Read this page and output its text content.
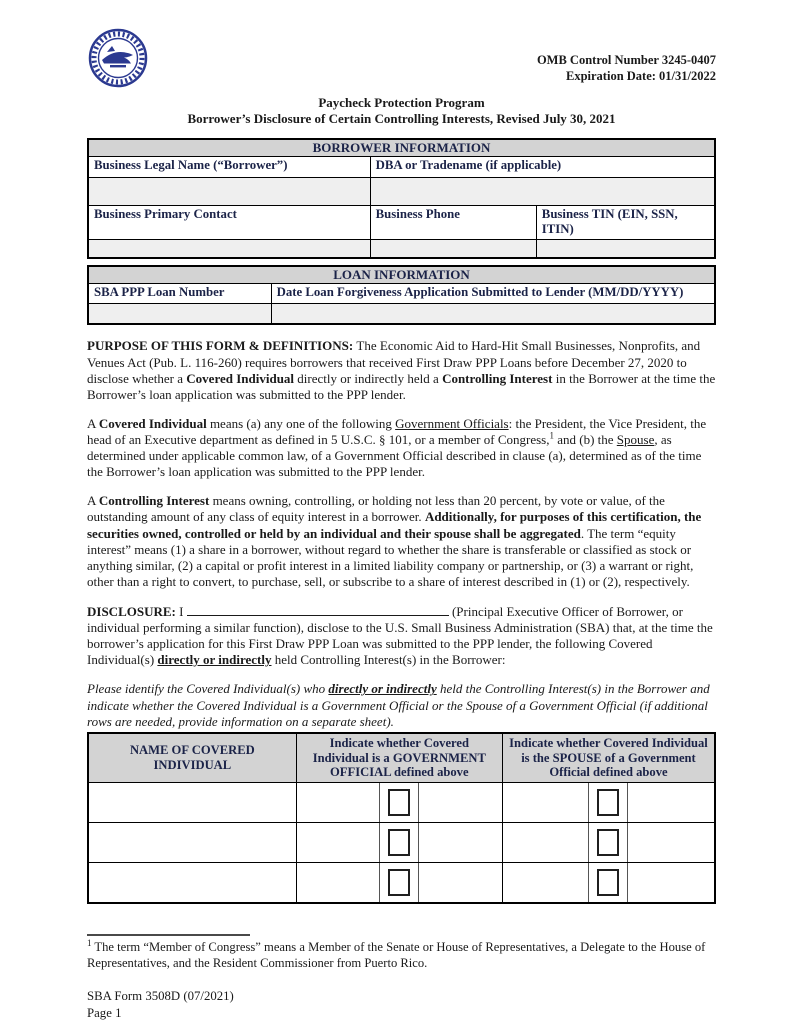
OMB Control Number 3245-0407
Expiration Date: 01/31/2022
Paycheck Protection Program
Borrower’s Disclosure of Certain Controlling Interests, Revised July 30, 2021
BORROWER INFORMATION		
Business Legal Name (“Borrower”)	DBA or Tradename (if applicable)	

Business Primary Contact	Business Phone	Business TIN (EIN, SSN, ITIN)

LOAN INFORMATION	
SBA PPP Loan Number	Date Loan Forgiveness Application Submitted to Lender (MM/DD/YYYY)

PURPOSE OF THIS FORM & DEFINITIONS: The Economic Aid to Hard-Hit Small Businesses, Nonprofits, and Venues Act (Pub. L. 116-260) requires borrowers that received First Draw PPP Loans before December 27, 2020 to disclose whether a Covered Individual directly or indirectly held a Controlling Interest in the Borrower at the time the Borrower’s loan application was submitted to the PPP lender.
A Covered Individual means (a) any one of the following Government Officials: the President, the Vice President, the head of an Executive department as defined in 5 U.S.C. § 101, or a member of Congress,$^1$ and (b) the Spouse, as determined under applicable common law, of a Government Official described in clause (a), determined as of the time the Borrower’s loan application was submitted to the PPP lender.
A Controlling Interest means owning, controlling, or holding not less than 20 percent, by vote or value, of the outstanding amount of any class of equity interest in a borrower. Additionally, for purposes of this certification, the securities owned, controlled or held by an individual and their spouse shall be aggregated. The term “equity interest” means (1) a share in a borrower, without regard to whether the share is transferable or classified as stock or anything similar, (2) a capital or profit interest in a limited liability company or partnership, or (3) a warrant or right, other than a right to convert, to purchase, sell, or subscribe to a share of interest described in (1) or (2), respectively.
DISCLOSURE: I	(Principal Executive Officer of Borrower, or individual performing a similar function), disclose to the U.S. Small Business Administration (SBA) that, at the time the borrower’s application for this First Draw PPP Loan was submitted to the PPP lender, the following Covered Individual(s) directly or indirectly held Controlling Interest(s) in the Borrower:
Please identify the Covered Individual(s) who directly or indirectly held the Controlling Interest(s) in the Borrower and indicate whether the Covered Individual is a Government Official or the Spouse of a Government Official (if additional rows are needed, provide information on a separate sheet).
NAME OF COVERED INDIVIDUAL	Indicate whether Covered Individual is a GOVERNMENT OFFICIAL defined above	Indicate whether Covered Individual is the SPOUSE of a Government Official defined above

$^1$ The term “Member of Congress” means a Member of the Senate or House of Representatives, a Delegate to the House of Representatives, and the Resident Commissioner from Puerto Rico.
SBA Form 3508D (07/2021)
Page 1
